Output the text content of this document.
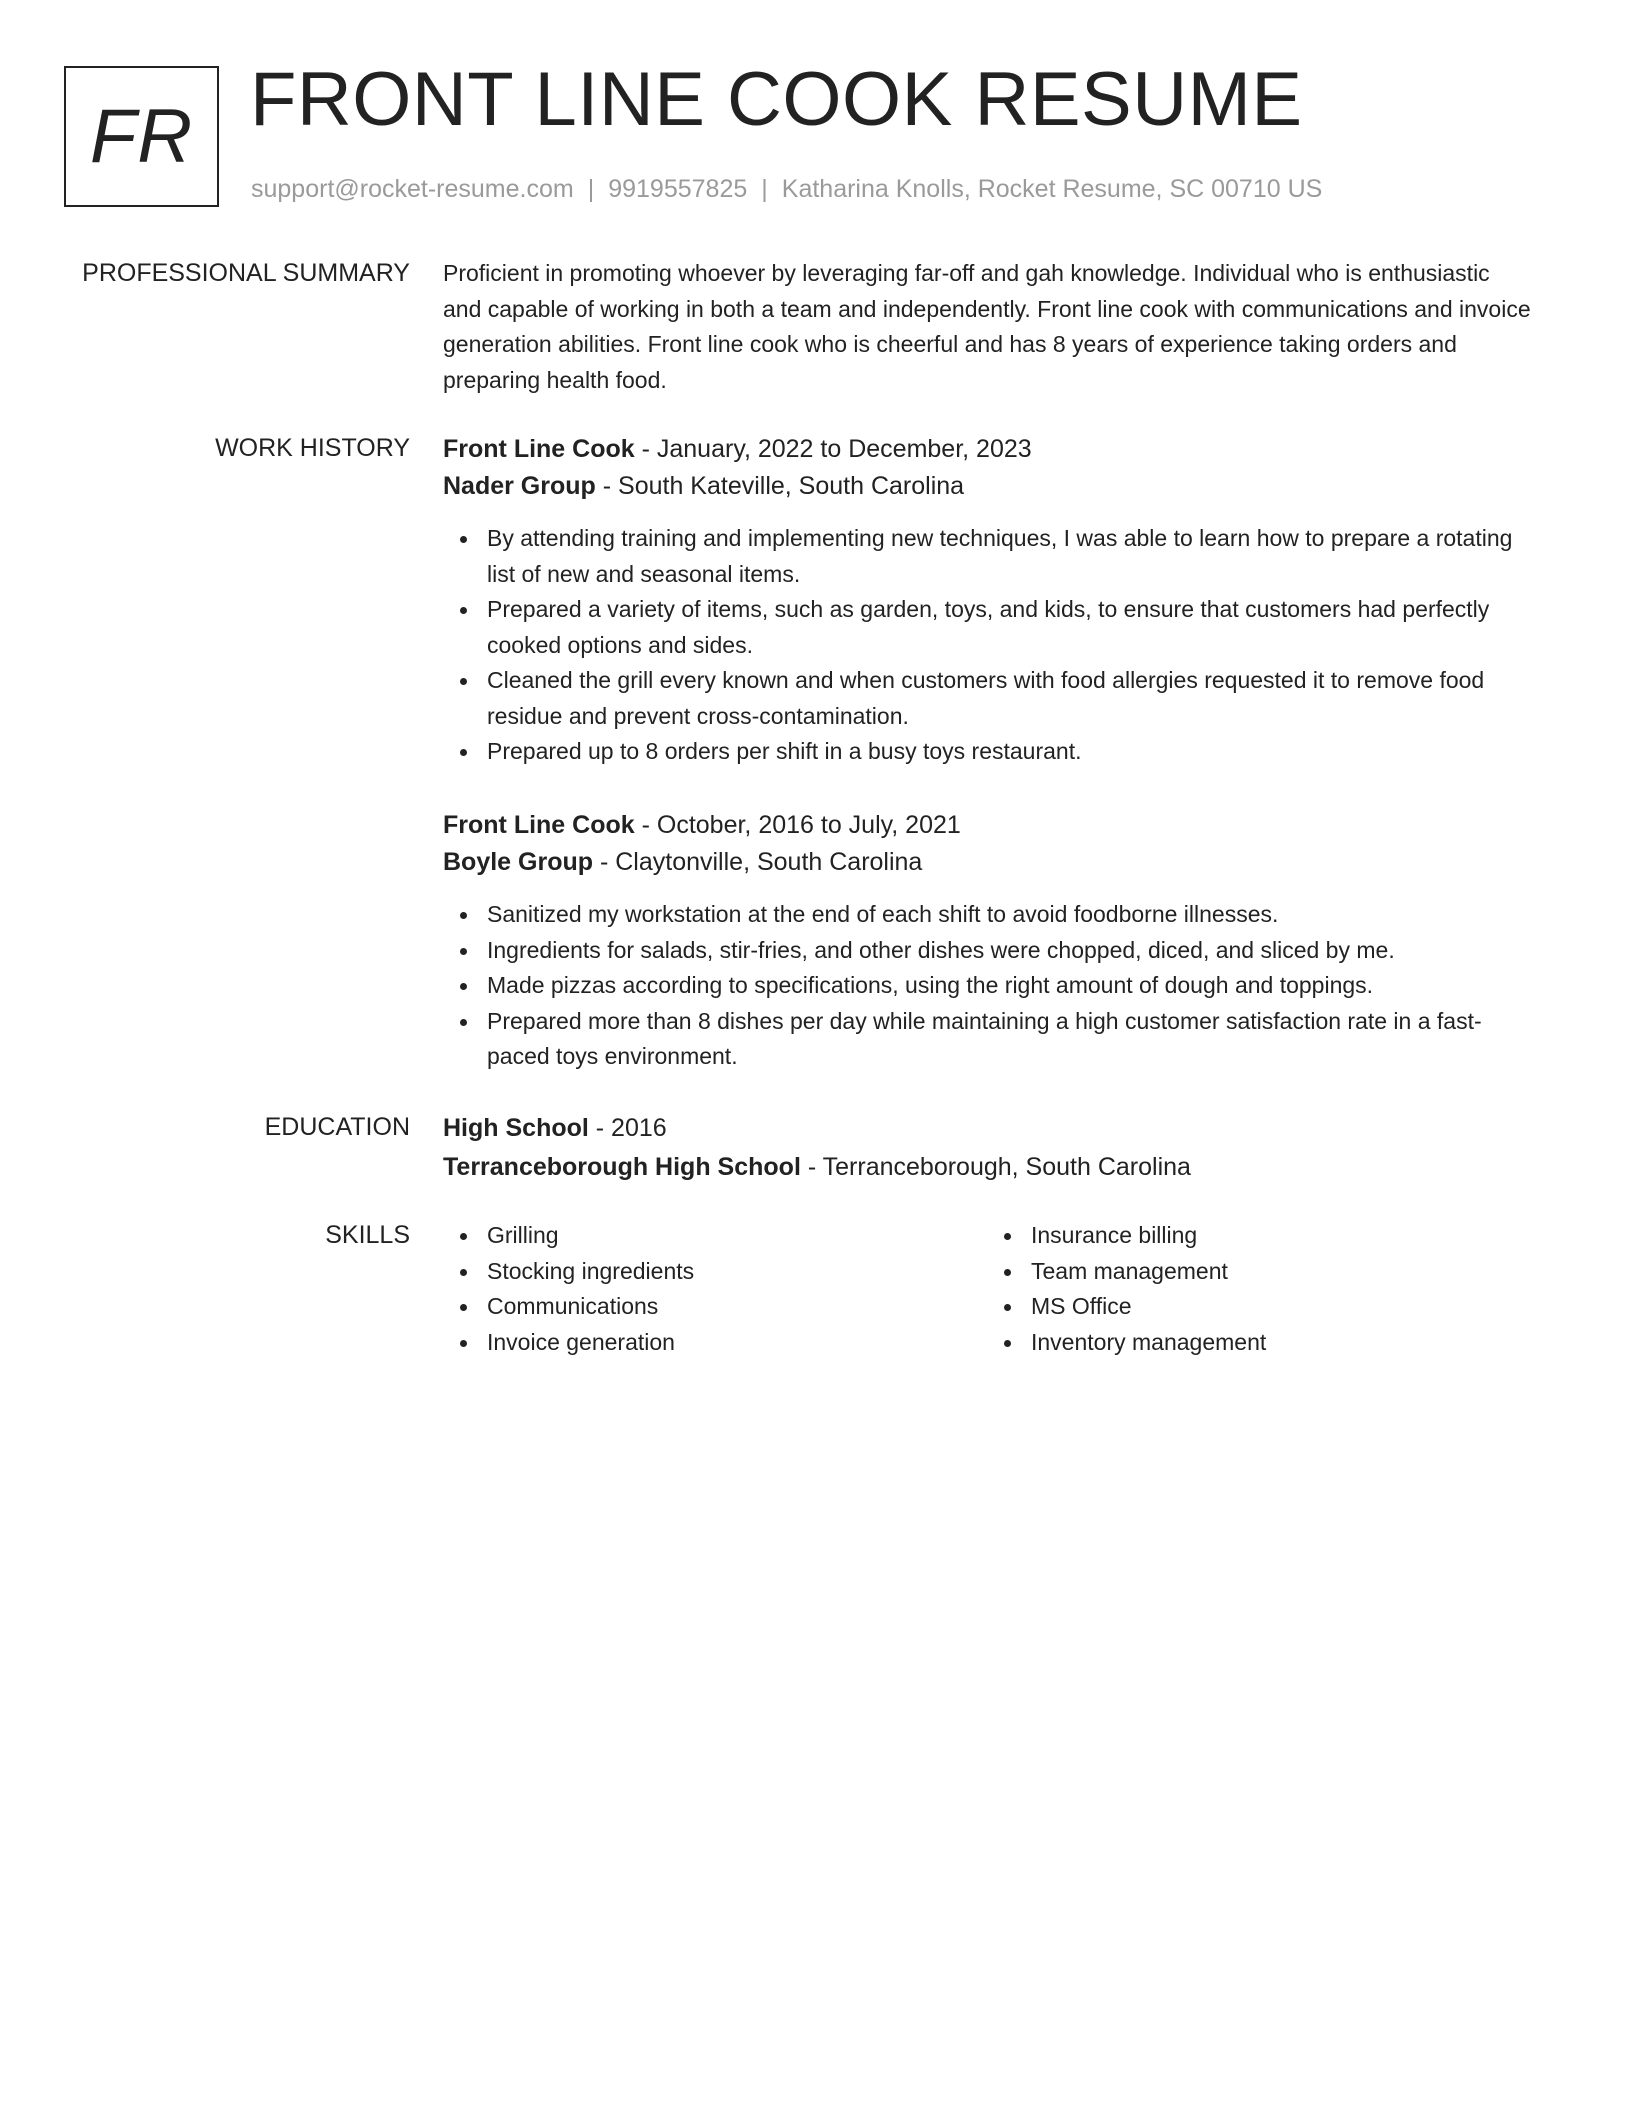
FR FRONT LINE COOK RESUME
support@rocket-resume.com | 9919557825 | Katharina Knolls, Rocket Resume, SC 00710 US
PROFESSIONAL SUMMARY Proficient in promoting whoever by leveraging far-off and gah knowledge. Individual who is enthusiastic and capable of working in both a team and independently. Front line cook with communications and invoice generation abilities. Front line cook who is cheerful and has 8 years of experience taking orders and preparing health food.

WORK HISTORY Front Line Cook - January, 2022 to December, 2023

Nader Group - South Kateville, South Carolina

By attending training and implementing new techniques, I was able to learn how to prepare a rotating list of new and seasonal items.
Prepared a variety of items, such as garden, toys, and kids, to ensure that customers had perfectly cooked options and sides.
Cleaned the grill every known and when customers with food allergies requested it to remove food residue and prevent cross-contamination.
Prepared up to 8 orders per shift in a busy toys restaurant.

Front Line Cook - October, 2016 to July, 2021

Boyle Group - Claytonville, South Carolina

Sanitized my workstation at the end of each shift to avoid foodborne illnesses.
Ingredients for salads, stir-fries, and other dishes were chopped, diced, and sliced by me.
Made pizzas according to specifications, using the right amount of dough and toppings.
Prepared more than 8 dishes per day while maintaining a high customer satisfaction rate in a fast-paced toys environment.
EDUCATION High School - 2016

Terranceborough High School - Terranceborough, South Carolina

SKILLS	Grilling
Stocking ingredients
Communications
Invoice generation
Insurance billing
Team management
MS Office
Inventory management
